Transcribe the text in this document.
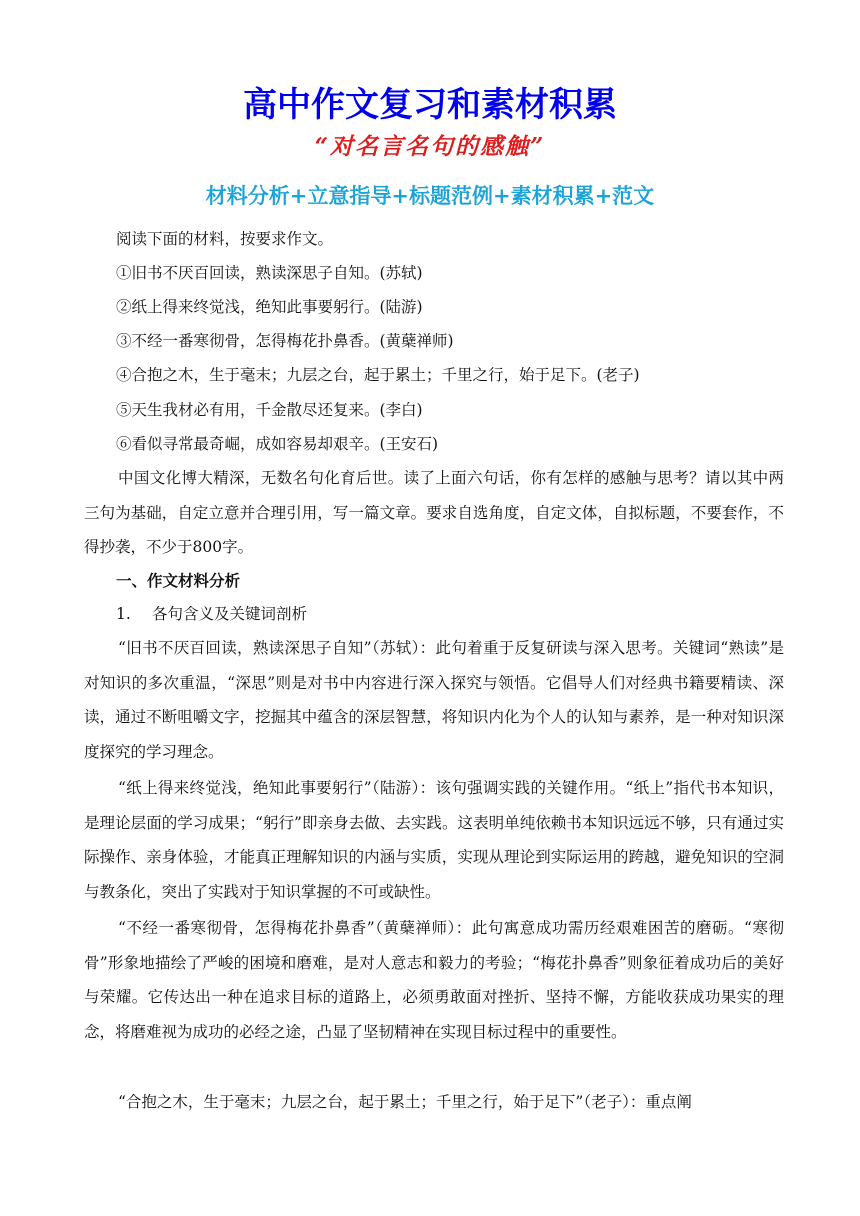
高中作文复习和素材积累
“对名言名句的感触”
材料分析+立意指导+标题范例+素材积累+范文
阅读下面的材料，按要求作文。
①旧书不厌百回读，熟读深思子自知。(苏轼)
②纸上得来终觉浅，绝知此事要躬行。(陆游)
③不经一番寒彻骨，怎得梅花扑鼻香。(黄蘖禅师)
④合抱之木，生于毫末；九层之台，起于累土；千里之行，始于足下。(老子)
⑤天生我材必有用，千金散尽还复来。(李白)
⑥看似寻常最奇崛，成如容易却艰辛。(王安石)
中国文化博大精深，无数名句化育后世。读了上面六句话，你有怎样的感触与思考？请以其中两三句为基础，自定立意并合理引用，写一篇文章。要求自选角度，自定文体，自拟标题，不要套作，不得抄袭，不少于800字。
一、作文材料分析
1. 各句含义及关键词剖析
“旧书不厌百回读，熟读深思子自知”（苏轼）：此句着重于反复研读与深入思考。关键词“熟读”是对知识的多次重温，“深思”则是对书中内容进行深入探究与领悟。它倡导人们对经典书籍要精读、深读，通过不断咀嚼文字，挖掘其中蕴含的深层智慧，将知识内化为个人的认知与素养，是一种对知识深度探究的学习理念。
“纸上得来终觉浅，绝知此事要躬行”（陆游）：该句强调实践的关键作用。“纸上”指代书本知识，是理论层面的学习成果；“躬行”即亲身去做、去实践。这表明单纯依赖书本知识远远不够，只有通过实际操作、亲身体验，才能真正理解知识的内涵与实质，实现从理论到实际运用的跨越，避免知识的空洞与教条化，突出了实践对于知识掌握的不可或缺性。
“不经一番寒彻骨，怎得梅花扑鼻香”（黄蘖禅师）：此句寓意成功需历经艰难困苦的磨砺。“寒彻骨”形象地描绘了严峻的困境和磨难，是对人意志和毅力的考验；“梅花扑鼻香”则象征着成功后的美好与荣耀。它传达出一种在追求目标的道路上，必须勇敢面对挫折、坚持不懈，方能收获成功果实的理念，将磨难视为成功的必经之途，凸显了坚韧精神在实现目标过程中的重要性。
“合抱之木，生于毫末；九层之台，起于累土；千里之行，始于足下”（老子）：重点阐
